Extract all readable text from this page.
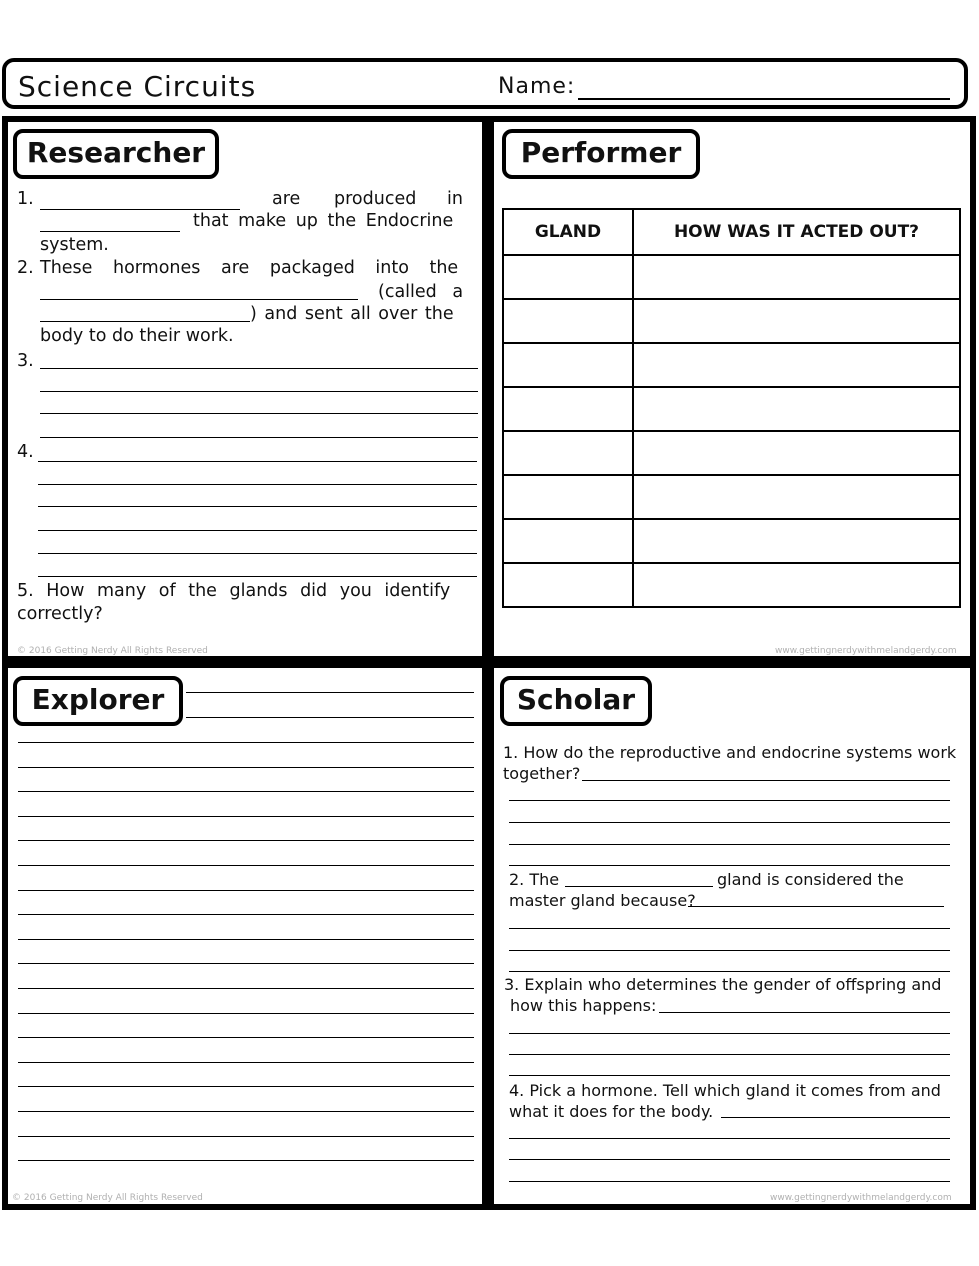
Science Circuits	Name:
Researcher
1.	are produced in
that make up the Endocrine
system.
2. These hormones are packaged into the
(called a
) and sent all over the
body to do their work.
3.
4.
5. How many of the glands did you identify
correctly?
© 2016 Getting Nerdy All Rights Reserved
Performer
GLAND	HOW WAS IT ACTED OUT?

www.gettingnerdywithmelandgerdy.com
Explorer
© 2016 Getting Nerdy All Rights Reserved
Scholar
1. How do the reproductive and endocrine systems work
together?
2. The	gland is considered the
master gland because?
3. Explain who determines the gender of offspring and
how this happens:
4. Pick a hormone. Tell which gland it comes from and
what it does for the body.
www.gettingnerdywithmelandgerdy.com
